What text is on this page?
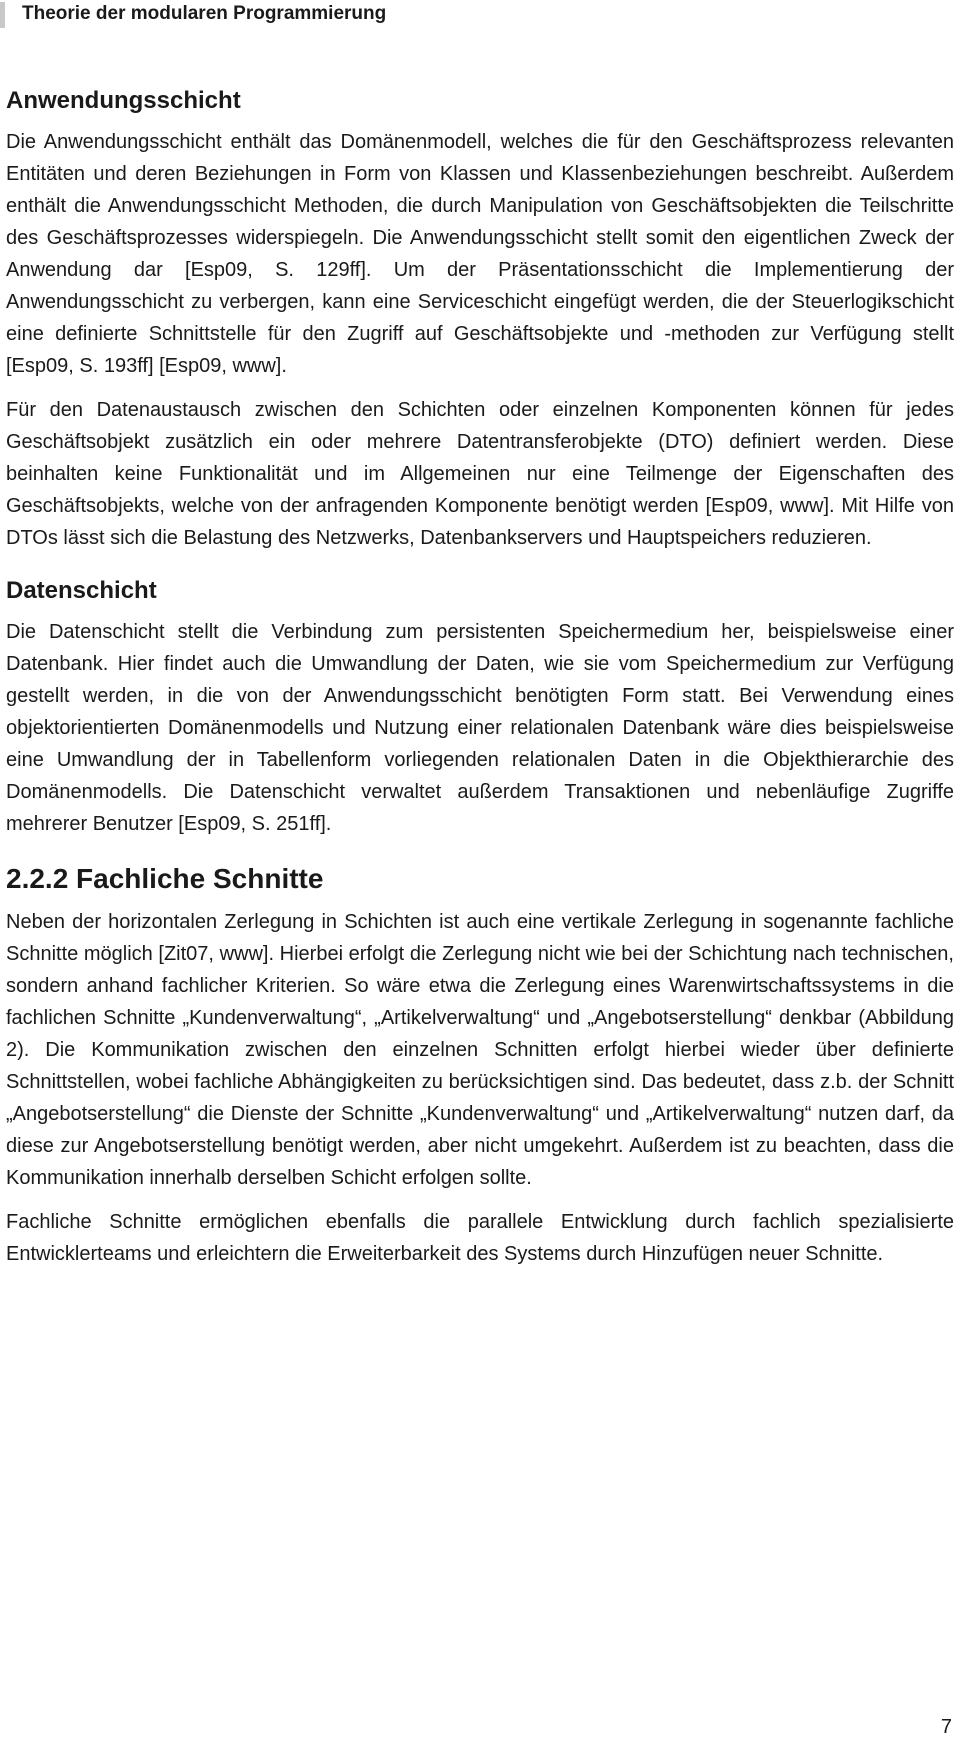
Theorie der modularen Programmierung
Anwendungsschicht

Die Anwendungsschicht enthält das Domänenmodell, welches die für den Geschäftsprozess relevanten Entitäten und deren Beziehungen in Form von Klassen und Klassenbeziehungen beschreibt. Außerdem enthält die Anwendungsschicht Methoden, die durch Manipulation von Geschäftsobjekten die Teilschritte des Geschäftsprozesses widerspiegeln. Die Anwendungsschicht stellt somit den eigentlichen Zweck der Anwendung dar [Esp09, S. 129ff]. Um der Präsentationsschicht die Implementierung der Anwendungsschicht zu verbergen, kann eine Serviceschicht eingefügt werden, die der Steuerlogikschicht eine definierte Schnittstelle für den Zugriff auf Geschäftsobjekte und -methoden zur Verfügung stellt [Esp09, S. 193ff] [Esp09, www].

Für den Datenaustausch zwischen den Schichten oder einzelnen Komponenten können für jedes Geschäftsobjekt zusätzlich ein oder mehrere Datentransferobjekte (DTO) definiert werden. Diese beinhalten keine Funktionalität und im Allgemeinen nur eine Teilmenge der Eigenschaften des Geschäftsobjekts, welche von der anfragenden Komponente benötigt werden [Esp09, www]. Mit Hilfe von DTOs lässt sich die Belastung des Netzwerks, Datenbankservers und Hauptspeichers reduzieren.

Datenschicht

Die Datenschicht stellt die Verbindung zum persistenten Speichermedium her, beispielsweise einer Datenbank. Hier findet auch die Umwandlung der Daten, wie sie vom Speichermedium zur Verfügung gestellt werden, in die von der Anwendungsschicht benötigten Form statt. Bei Verwendung eines objektorientierten Domänenmodells und Nutzung einer relationalen Datenbank wäre dies beispielsweise eine Umwandlung der in Tabellenform vorliegenden relationalen Daten in die Objekthierarchie des Domänenmodells. Die Datenschicht verwaltet außerdem Transaktionen und nebenläufige Zugriffe mehrerer Benutzer [Esp09, S. 251ff].

2.2.2 Fachliche Schnitte

Neben der horizontalen Zerlegung in Schichten ist auch eine vertikale Zerlegung in sogenannte fachliche Schnitte möglich [Zit07, www]. Hierbei erfolgt die Zerlegung nicht wie bei der Schichtung nach technischen, sondern anhand fachlicher Kriterien. So wäre etwa die Zerlegung eines Warenwirtschaftssystems in die fachlichen Schnitte „Kundenverwaltung“, „Artikelverwaltung“ und „Angebotserstellung“ denkbar (Abbildung 2). Die Kommunikation zwischen den einzelnen Schnitten erfolgt hierbei wieder über definierte Schnittstellen, wobei fachliche Abhängigkeiten zu berücksichtigen sind. Das bedeutet, dass z.b. der Schnitt „Angebotserstellung“ die Dienste der Schnitte „Kundenverwaltung“ und „Artikelverwaltung“ nutzen darf, da diese zur Angebotserstellung benötigt werden, aber nicht umgekehrt. Außerdem ist zu beachten, dass die Kommunikation innerhalb derselben Schicht erfolgen sollte.

Fachliche Schnitte ermöglichen ebenfalls die parallele Entwicklung durch fachlich spezialisierte Entwicklerteams und erleichtern die Erweiterbarkeit des Systems durch Hinzufügen neuer Schnitte.

7
